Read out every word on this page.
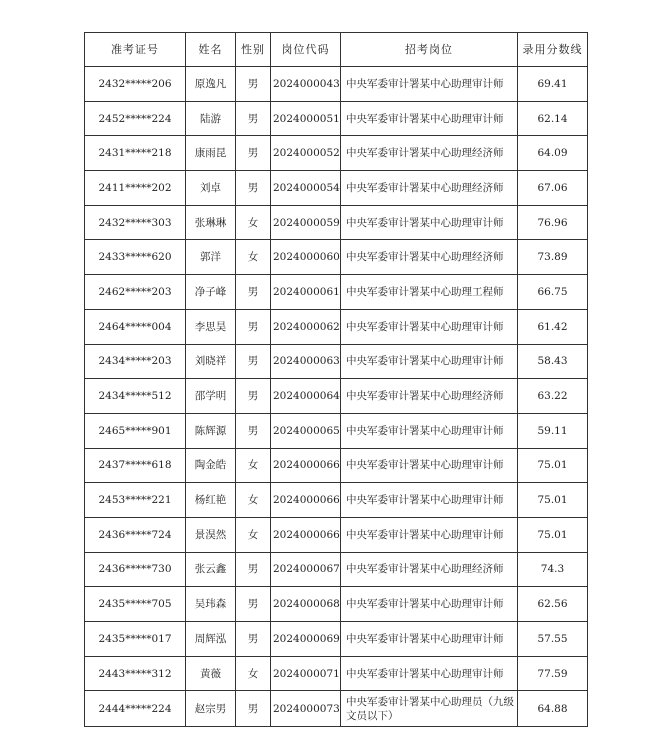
准考证号	姓名	性别	岗位代码	招考岗位	录用分数线
2432*****206	原逸凡	男	2024000043	中央军委审计署某中心助理审计师	69.41
2452*****224	陆游	男	2024000051	中央军委审计署某中心助理审计师	62.14
2431*****218	康雨昆	男	2024000052	中央军委审计署某中心助理经济师	64.09
2411*****202	刘卓	男	2024000054	中央军委审计署某中心助理经济师	67.06
2432*****303	张琳琳	女	2024000059	中央军委审计署某中心助理审计师	76.96
2433*****620	郭洋	女	2024000060	中央军委审计署某中心助理经济师	73.89
2462*****203	净子峰	男	2024000061	中央军委审计署某中心助理工程师	66.75
2464*****004	李思昊	男	2024000062	中央军委审计署某中心助理审计师	61.42
2434*****203	刘晓祥	男	2024000063	中央军委审计署某中心助理审计师	58.43
2434*****512	邵学明	男	2024000064	中央军委审计署某中心助理经济师	63.22
2465*****901	陈辉源	男	2024000065	中央军委审计署某中心助理审计师	59.11
2437*****618	陶金皓	女	2024000066	中央军委审计署某中心助理审计师	75.01
2453*****221	杨红艳	女	2024000066	中央军委审计署某中心助理审计师	75.01
2436*****724	景淏然	女	2024000066	中央军委审计署某中心助理审计师	75.01
2436*****730	张云鑫	男	2024000067	中央军委审计署某中心助理经济师	74.3
2435*****705	吴玮森	男	2024000068	中央军委审计署某中心助理审计师	62.56
2435*****017	周辉泓	男	2024000069	中央军委审计署某中心助理审计师	57.55
2443*****312	黄薇	女	2024000071	中央军委审计署某中心助理审计师	77.59
2444*****224	赵宗男	男	2024000073	中央军委审计署某中心助理员（九级文员以下）	64.88
